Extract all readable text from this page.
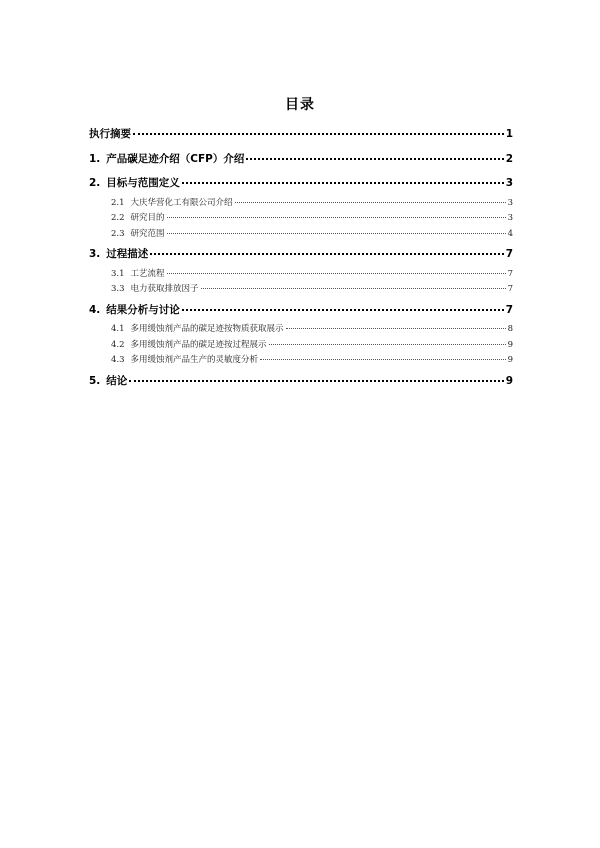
目录
执行摘要	1
1. 产品碳足迹介绍（CFP）介绍	2
2. 目标与范围定义	3
2.1 大庆华营化工有限公司介绍	3
2.2 研究目的	3
2.3 研究范围	4
3. 过程描述	7
3.1 工艺流程	7
3.3 电力获取排放因子	7
4. 结果分析与讨论	7
4.1 多用缓蚀剂产品的碳足迹按物质获取展示	8
4.2 多用缓蚀剂产品的碳足迹按过程展示	9
4.3 多用缓蚀剂产品生产的灵敏度分析	9
5. 结论	9
